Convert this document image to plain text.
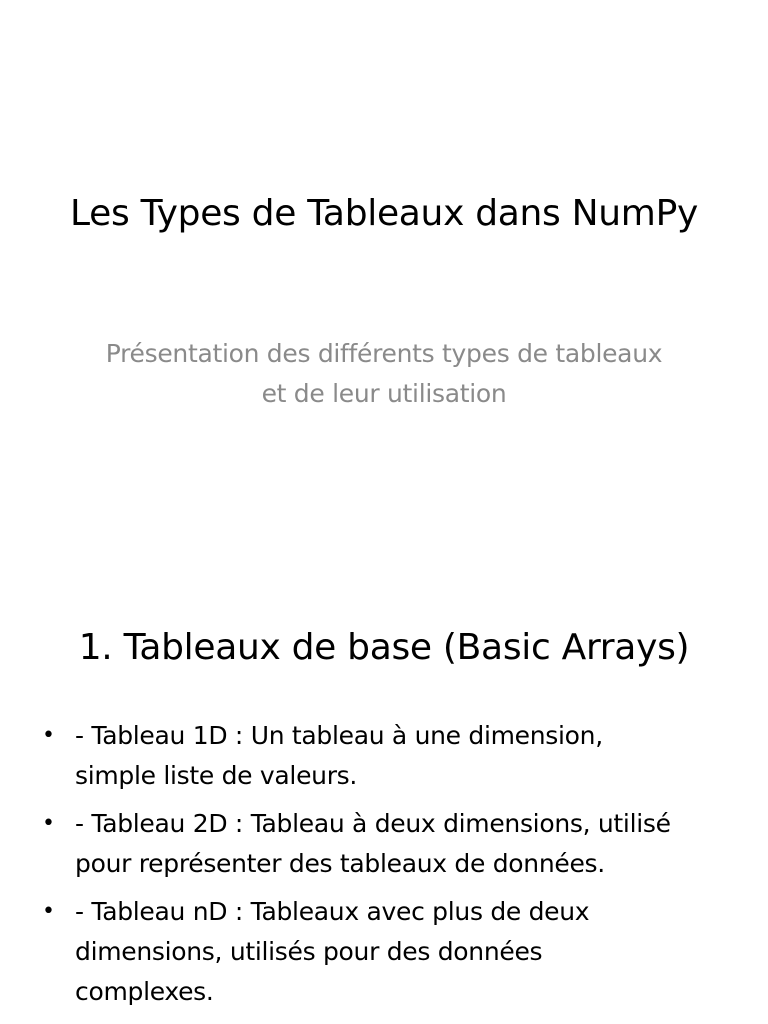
Les Types de Tableaux dans NumPy
Présentation des différents types de tableaux et de leur utilisation
1. Tableaux de base (Basic Arrays)
• - Tableau 1D : Un tableau à une dimension, simple liste de valeurs.
• - Tableau 2D : Tableau à deux dimensions, utilisé pour représenter des tableaux de données.
• - Tableau nD : Tableaux avec plus de deux dimensions, utilisés pour des données complexes.
